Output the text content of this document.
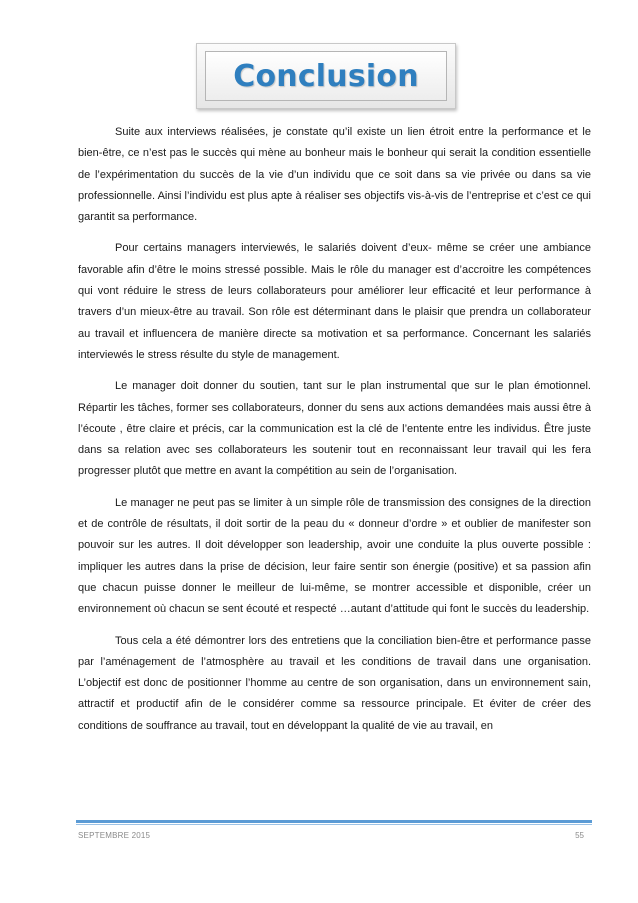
Conclusion

Suite aux interviews réalisées, je constate qu’il existe un lien étroit entre la performance et le bien-être, ce n’est pas le succès qui mène au bonheur mais le bonheur qui serait la condition essentielle de l’expérimentation du succès de la vie d’un individu que ce soit dans sa vie privée ou dans sa vie professionnelle. Ainsi l’individu est plus apte à réaliser ses objectifs vis-à-vis de l’entreprise et c’est ce qui garantit sa performance.

Pour certains managers interviewés, le salariés doivent d’eux- même se créer une ambiance favorable afin d’être le moins stressé possible. Mais le rôle du manager est d’accroitre les compétences qui vont réduire le stress de leurs collaborateurs pour améliorer leur efficacité et leur performance à travers d’un mieux-être au travail. Son rôle est déterminant dans le plaisir que prendra un collaborateur au travail et influencera de manière directe sa motivation et sa performance. Concernant les salariés interviewés le stress résulte du style de management.

Le manager doit donner du soutien, tant sur le plan instrumental que sur le plan émotionnel. Répartir les tâches, former ses collaborateurs, donner du sens aux actions demandées mais aussi être à l’écoute , être claire et précis, car la communication est la clé de l’entente entre les individus. Être juste dans sa relation avec ses collaborateurs les soutenir tout en reconnaissant leur travail qui les fera progresser plutôt que mettre en avant la compétition au sein de l’organisation.

Le manager ne peut pas se limiter à un simple rôle de transmission des consignes de la direction et de contrôle de résultats, il doit sortir de la peau du « donneur d’ordre » et oublier de manifester son pouvoir sur les autres. Il doit développer son leadership, avoir une conduite la plus ouverte possible : impliquer les autres dans la prise de décision, leur faire sentir son énergie (positive) et sa passion afin que chacun puisse donner le meilleur de lui-même, se montrer accessible et disponible, créer un environnement où chacun se sent écouté et respecté …autant d’attitude qui font le succès du leadership.

Tous cela a été démontrer lors des entretiens que la conciliation bien-être et performance passe par l’aménagement de l’atmosphère au travail et les conditions de travail dans une organisation. L’objectif est donc de positionner l’homme au centre de son organisation, dans un environnement sain, attractif et productif afin de le considérer comme sa ressource principale. Et éviter de créer des conditions de souffrance au travail, tout en développant la qualité de vie au travail, en

SEPTEMBRE 2015	55
